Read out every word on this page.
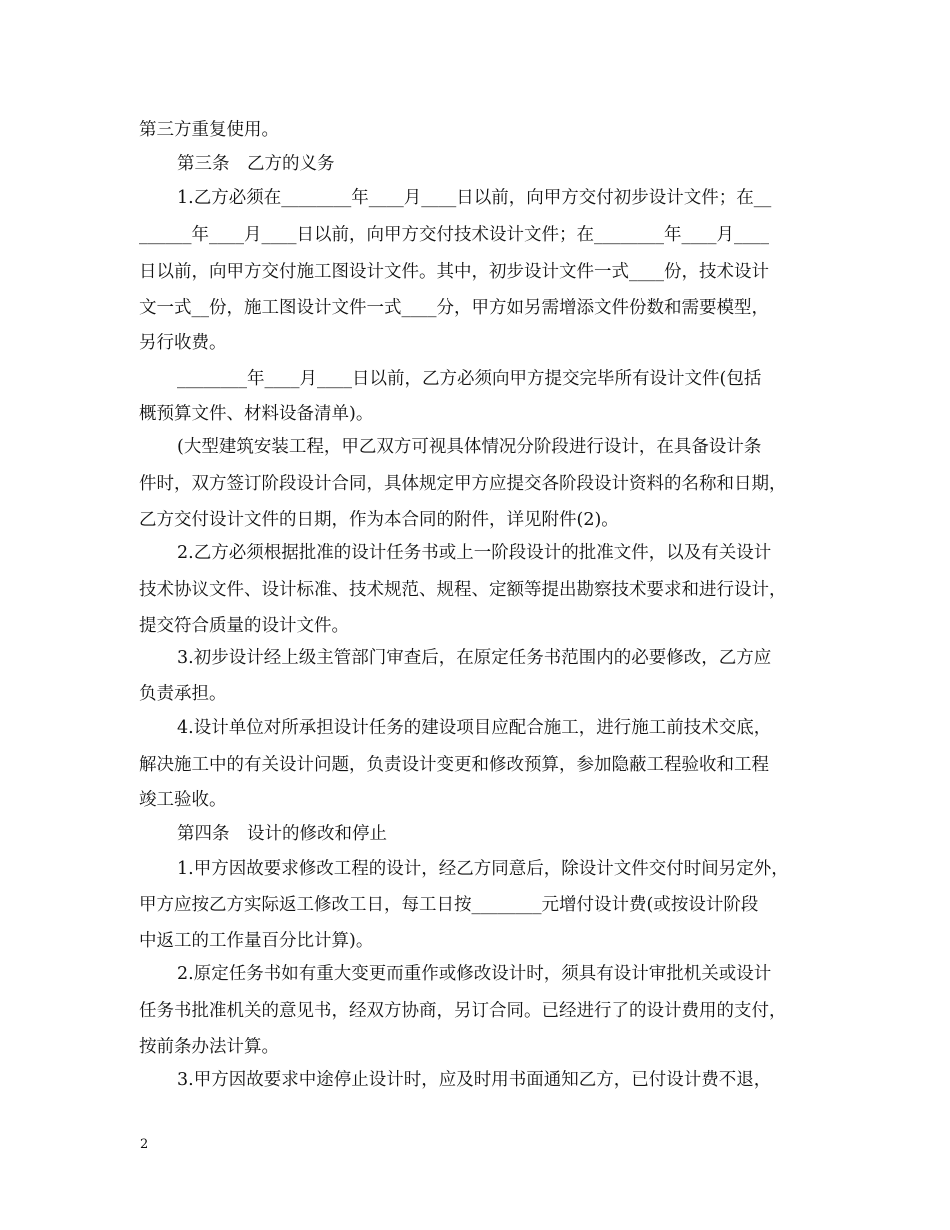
第三方重复使用。
第三条　乙方的义务
1.乙方必须在________年____月____日以前，向甲方交付初步设计文件；在__
______年____月____日以前，向甲方交付技术设计文件；在________年____月____
日以前，向甲方交付施工图设计文件。其中，初步设计文件一式____份，技术设计
文一式__份，施工图设计文件一式____分，甲方如另需增添文件份数和需要模型，
另行收费。
________年____月____日以前，乙方必须向甲方提交完毕所有设计文件(包括
概预算文件、材料设备清单)。
(大型建筑安装工程，甲乙双方可视具体情况分阶段进行设计，在具备设计条
件时，双方签订阶段设计合同，具体规定甲方应提交各阶段设计资料的名称和日期，
乙方交付设计文件的日期，作为本合同的附件，详见附件(2)。
2.乙方必须根据批准的设计任务书或上一阶段设计的批准文件，以及有关设计
技术协议文件、设计标准、技术规范、规程、定额等提出勘察技术要求和进行设计，
提交符合质量的设计文件。
3.初步设计经上级主管部门审查后，在原定任务书范围内的必要修改，乙方应
负责承担。
4.设计单位对所承担设计任务的建设项目应配合施工，进行施工前技术交底，
解决施工中的有关设计问题，负责设计变更和修改预算，参加隐蔽工程验收和工程
竣工验收。
第四条　设计的修改和停止
1.甲方因故要求修改工程的设计，经乙方同意后，除设计文件交付时间另定外，
甲方应按乙方实际返工修改工日，每工日按________元增付设计费(或按设计阶段
中返工的工作量百分比计算)。
2.原定任务书如有重大变更而重作或修改设计时，须具有设计审批机关或设计
任务书批准机关的意见书，经双方协商，另订合同。已经进行了的设计费用的支付，
按前条办法计算。
3.甲方因故要求中途停止设计时，应及时用书面通知乙方，已付设计费不退，
2
